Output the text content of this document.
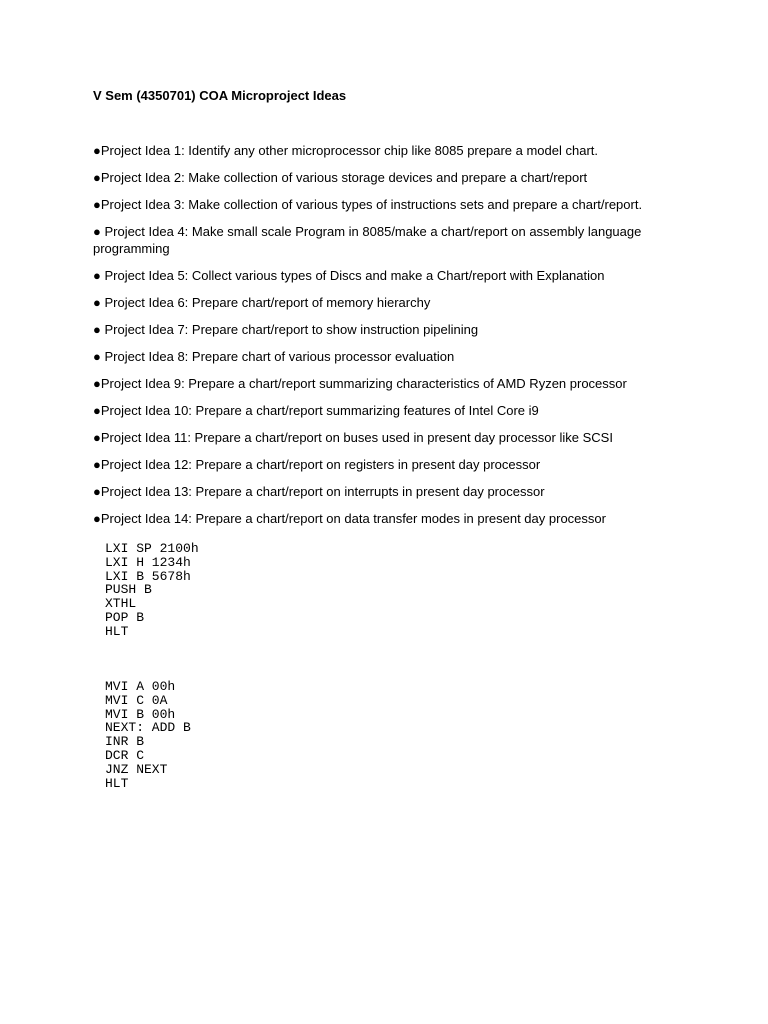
V Sem (4350701) COA Microproject Ideas
●Project Idea 1: Identify any other microprocessor chip like 8085 prepare a model chart.
●Project Idea 2: Make collection of various storage devices and prepare a chart/report
●Project Idea 3: Make collection of various types of instructions sets and prepare a chart/report.
● Project Idea 4: Make small scale Program in 8085/make a chart/report on assembly language programming
● Project Idea 5: Collect various types of Discs and make a Chart/report with Explanation
● Project Idea 6: Prepare chart/report of memory hierarchy
● Project Idea 7: Prepare chart/report to show instruction pipelining
● Project Idea 8: Prepare chart of various processor evaluation
●Project Idea 9: Prepare a chart/report summarizing characteristics of AMD Ryzen processor
●Project Idea 10: Prepare a chart/report summarizing features of Intel Core i9
●Project Idea 11: Prepare a chart/report on buses used in present day processor like SCSI
●Project Idea 12: Prepare a chart/report on registers in present day processor
●Project Idea 13: Prepare a chart/report on interrupts in present day processor
●Project Idea 14: Prepare a chart/report on data transfer modes in present day processor
LXI SP 2100h
LXI H 1234h
LXI B 5678h
PUSH B
XTHL
POP B
HLT
MVI A 00h
MVI C 0A
MVI B 00h
NEXT: ADD B
INR B
DCR C
JNZ NEXT
HLT
